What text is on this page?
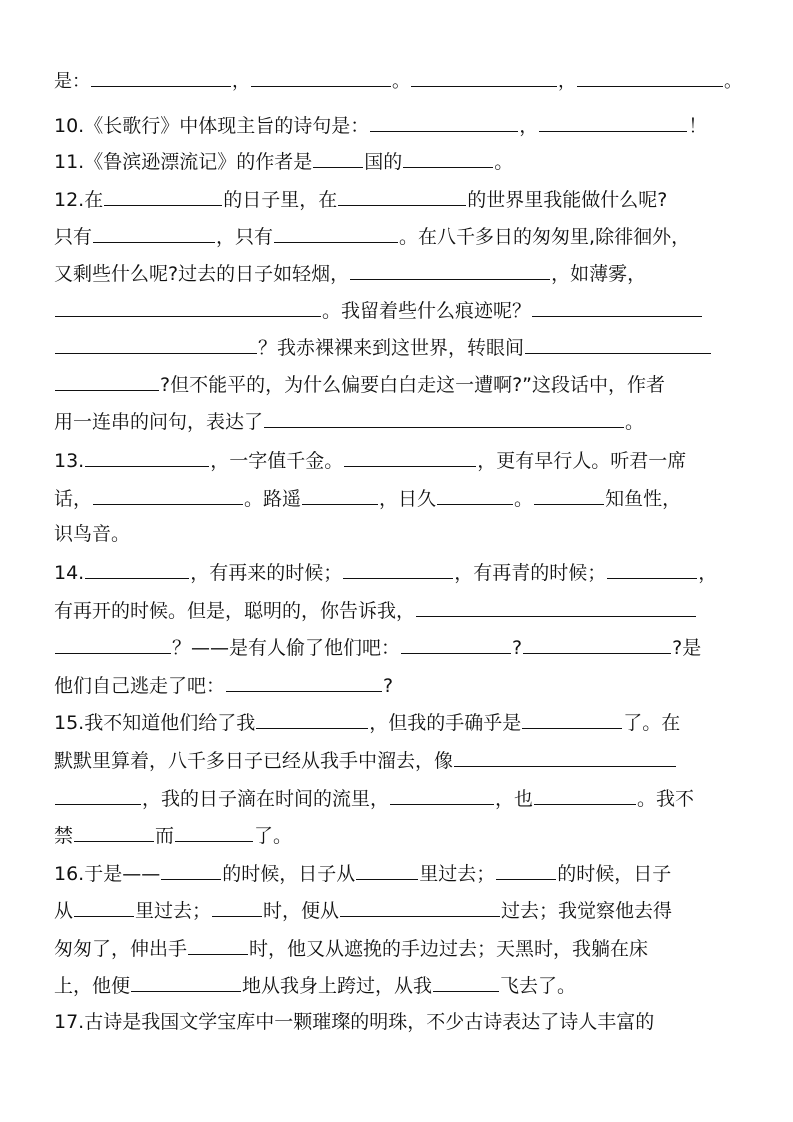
是：	，	。	，	。
10.《长歌行》中体现主旨的诗句是：	，	！
11.《鲁滨逊漂流记》的作者是	国的	。
12.在	的日子里，在	的世界里我能做什么呢?
只有	，只有	。在八千多日的匆匆里,除徘徊外，
又剩些什么呢?过去的日子如轻烟，	，如薄雾，
。我留着些什么痕迹呢？
？我赤裸裸来到这世界，转眼间
?但不能平的，为什么偏要白白走这一遭啊?”这段话中，作者
用一连串的问句，表达了	。
13.	，一字值千金。	，更有早行人。听君一席
话，	。路遥	，日久	。	知鱼性，
识鸟音。
14.	，有再来的时候；	，有再青的时候；	，
有再开的时候。但是，聪明的，你告诉我，
？——是有人偷了他们吧：	?	?是
他们自己逃走了吧：	?
15.我不知道他们给了我	，但我的手确乎是	了。在
默默里算着，八千多日子已经从我手中溜去，像
，我的日子滴在时间的流里，	，也	。我不
禁	而	了。
16.于是——	的时候，日子从	里过去；	的时候，日子
从	里过去；	时，便从	过去；我觉察他去得
匆匆了，伸出手	时，他又从遮挽的手边过去；天黑时，我躺在床
上，他便	地从我身上跨过，从我	飞去了。
17.古诗是我国文学宝库中一颗璀璨的明珠，不少古诗表达了诗人丰富的
